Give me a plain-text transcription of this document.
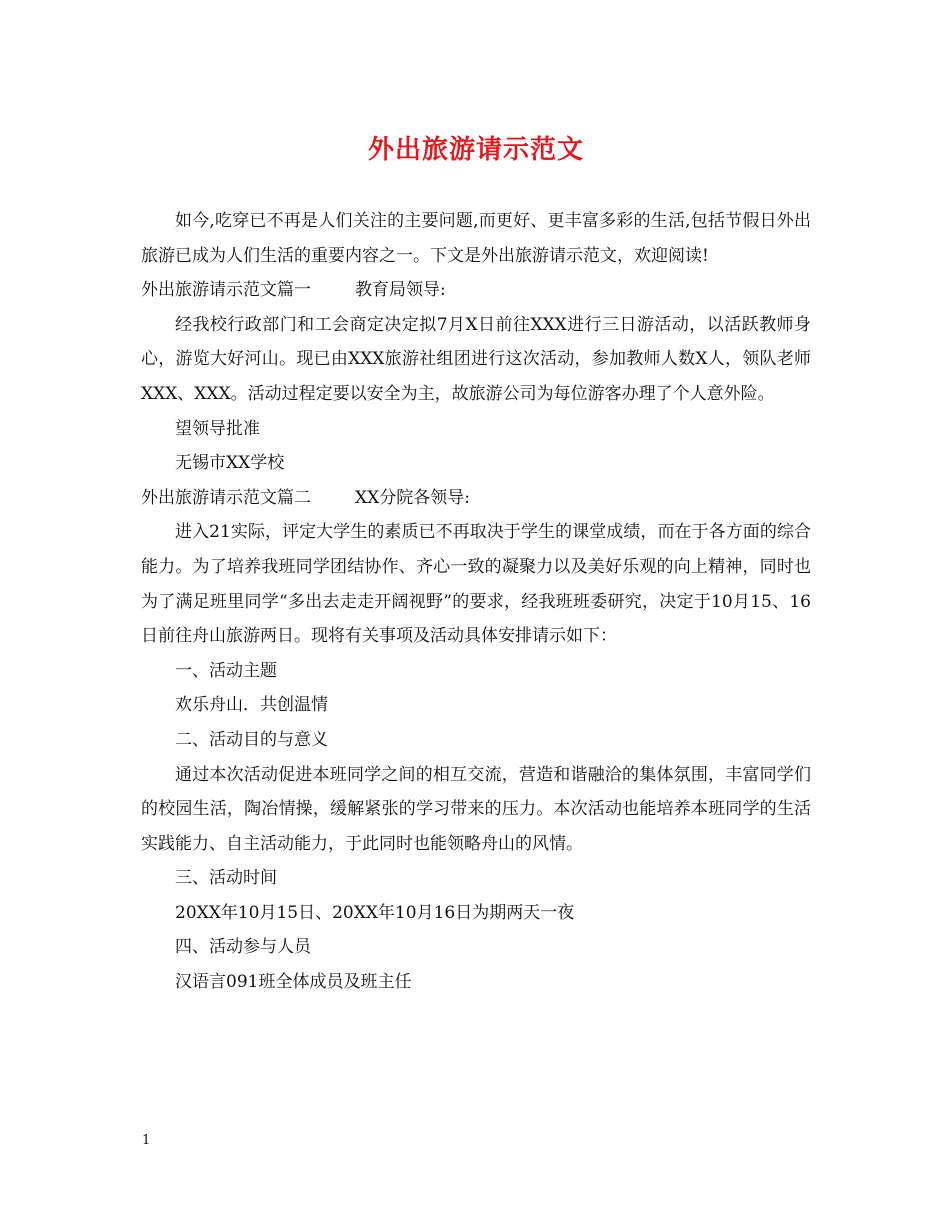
外出旅游请示范文

如今,吃穿已不再是人们关注的主要问题,而更好、更丰富多彩的生活,包括节假日外出旅游已成为人们生活的重要内容之一。下文是外出旅游请示范文，欢迎阅读!

外出旅游请示范文篇一	教育局领导:

经我校行政部门和工会商定决定拟7月X日前往XXX进行三日游活动，以活跃教师身心，游览大好河山。现已由XXX旅游社组团进行这次活动，参加教师人数X人，领队老师XXX、XXX。活动过程定要以安全为主，故旅游公司为每位游客办理了个人意外险。

望领导批准

无锡市XX学校

外出旅游请示范文篇二	XX分院各领导:

进入21实际，评定大学生的素质已不再取决于学生的课堂成绩，而在于各方面的综合能力。为了培养我班同学团结协作、齐心一致的凝聚力以及美好乐观的向上精神，同时也为了满足班里同学“多出去走走开阔视野”的要求，经我班班委研究，决定于10月15、16日前往舟山旅游两日。现将有关事项及活动具体安排请示如下：

一、活动主题

欢乐舟山．共创温情

二、活动目的与意义

通过本次活动促进本班同学之间的相互交流，营造和谐融洽的集体氛围，丰富同学们的校园生活，陶冶情操，缓解紧张的学习带来的压力。本次活动也能培养本班同学的生活实践能力、自主活动能力，于此同时也能领略舟山的风情。

三、活动时间

20XX年10月15日、20XX年10月16日为期两天一夜

四、活动参与人员

汉语言091班全体成员及班主任

1
